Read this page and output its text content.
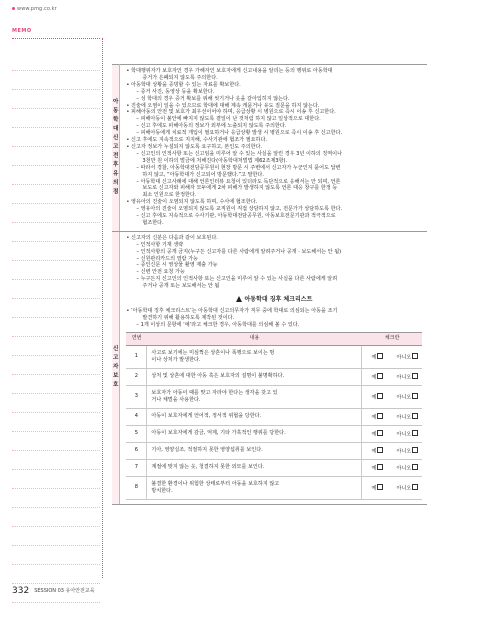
www.pmg.co.kr
MEMO
아동학대
신고 전후
유의점

• 학대행위자가 보호자인 경우 가해자인 보호자에게 신고내용을 알리는 등의 행위로 아동학대

증거가 은폐되지 않도록 주의한다.

• 아동학대 상황을 증빙할 수 있는 자료를 확보한다.

– 증거 사진, 동영상 등을 확보한다.

– 성 학대의 경우 증거 확보를 위해 씻기거나 옷을 갈아입히지 않는다.

• 진술에 오염이 일을 수 있으므로 학대에 대해 계속 캐묻거나 유도 질문을 하지 않는다.

• 피해아동의 안전 및 보호가 최우선이어야 하며, 응급상황 시 병원으로 즉시 이송 후 신고한다.

– 피해아동이 불안에 빠지지 않도록 곁일이 난 것처럼 하지 않고 일상적으로 대한다.

– 신고 후에도 피해아동의 정보가 외부에 노출되지 않도록 주의한다.

– 피해아동에게 치료적 개입이 필요하거나 응급상황 발생 시 병원으로 즉시 이송 후 신고한다.

• 신고 후에도 지속적으로 지지해, 수사기관에 협조가 필요하다.

• 신고자 정보가 누설되지 않도록 요구하고, 본인도 주의한다.

– 신고인의 인적사항 또는 신고임을 미루어 알 수 있는 사실을 알린 경우 3년 이하의 징역이나

3천만 원 이하의 벌금에 처해진다(아동학대처벌법 제62조제3항).

– 따라서 경찰, 아동학대전담공무원이 현장 방문 시 주변에서 신고자가 누군인지 묻어도 답변

하지 않고, “아동학대가 신고되어 방문했다.”고 말한다.

– 아동학대 신고사례에 대해 언론인터뷰 요청이 있더라도 독단적으로 응해서는 안 되며, 언론

보도로 신고자와 피해자 모두에게 2차 피해가 발생하지 않도록 언론 대응 창구를 한정 등

최소 인원으로 한정한다.

• 영유아의 진술이 오염되지 않도록 하며, 수사에 협조한다.

– 영유아의 진술이 오염되지 않도록 교직원이 직접 상담하지 않고, 전문가가 상담하도록 한다.

– 신고 후에도 지속적으로 수사기관, 아동학대전담공무원, 아동보호전문기관과 적극적으로

협조한다.

신고자 보호

• 신고자의 신분은 다음과 같이 보호된다.

– 인적사항 기재 생략

– 인적사항의 공개 금지(누구든 신고자를 다른 사람에게 알려주거나 공개 · 보도해서는 안 됨)

– 신원관리카드의 열람 가능

– 증인신문 시 영상물 촬영 제출 가능

– 신변 안전 요청 가능

– 누구든지 신고인의 인적사항 또는 신고인을 미루어 알 수 있는 사실을 다른 사람에게 알려

주거나 공개 또는 보도해서는 안 됨

아동학대 징후 체크리스트

• ‘아동학대 징후 체크리스트’는 아동학대 신고의무자가 직무 중에 학대로 의심되는 아동을 조기

발견하기 위해 활용하도록 제작된 것이다.

– 1개 이상의 문항에 ‘예’라고 체크한 경우, 아동학대를 의심해 볼 수 있다.

연번	내용	체크란
1	
사고로 보기에는 미심쩍은 상흔이나 폭행으로 보이는 멍
이나 상처가 발생한다.	예	아니오
2	상처 및 상흔에 대한 아동 혹은 보호자의 설명이 불명확하다.	예	아니오
3	
보호자가 아동이 때를 맞고 자라야 한다는 생각을 갖고 있
거나 체벌을 사용한다.	예	아니오
4	아동이 보호자에게 언어적, 정서적 위협을 당한다.	예	아니오
5	아동이 보호자에게 감금, 억제, 기타 가혹적인 행위를 당한다.	예	아니오
6	기아, 영양실조, 적절하지 못한 영양섭취를 보인다.	예	아니오
7	계절에 맞지 않는 옷, 청결하지 못한 외모를 보인다.	예	아니오
8	
불결한 환경이나 위험한 상태로부터 아동을 보호하지 않고
방치한다.	예	아니오
332 SESSION 03 유아안전교육
